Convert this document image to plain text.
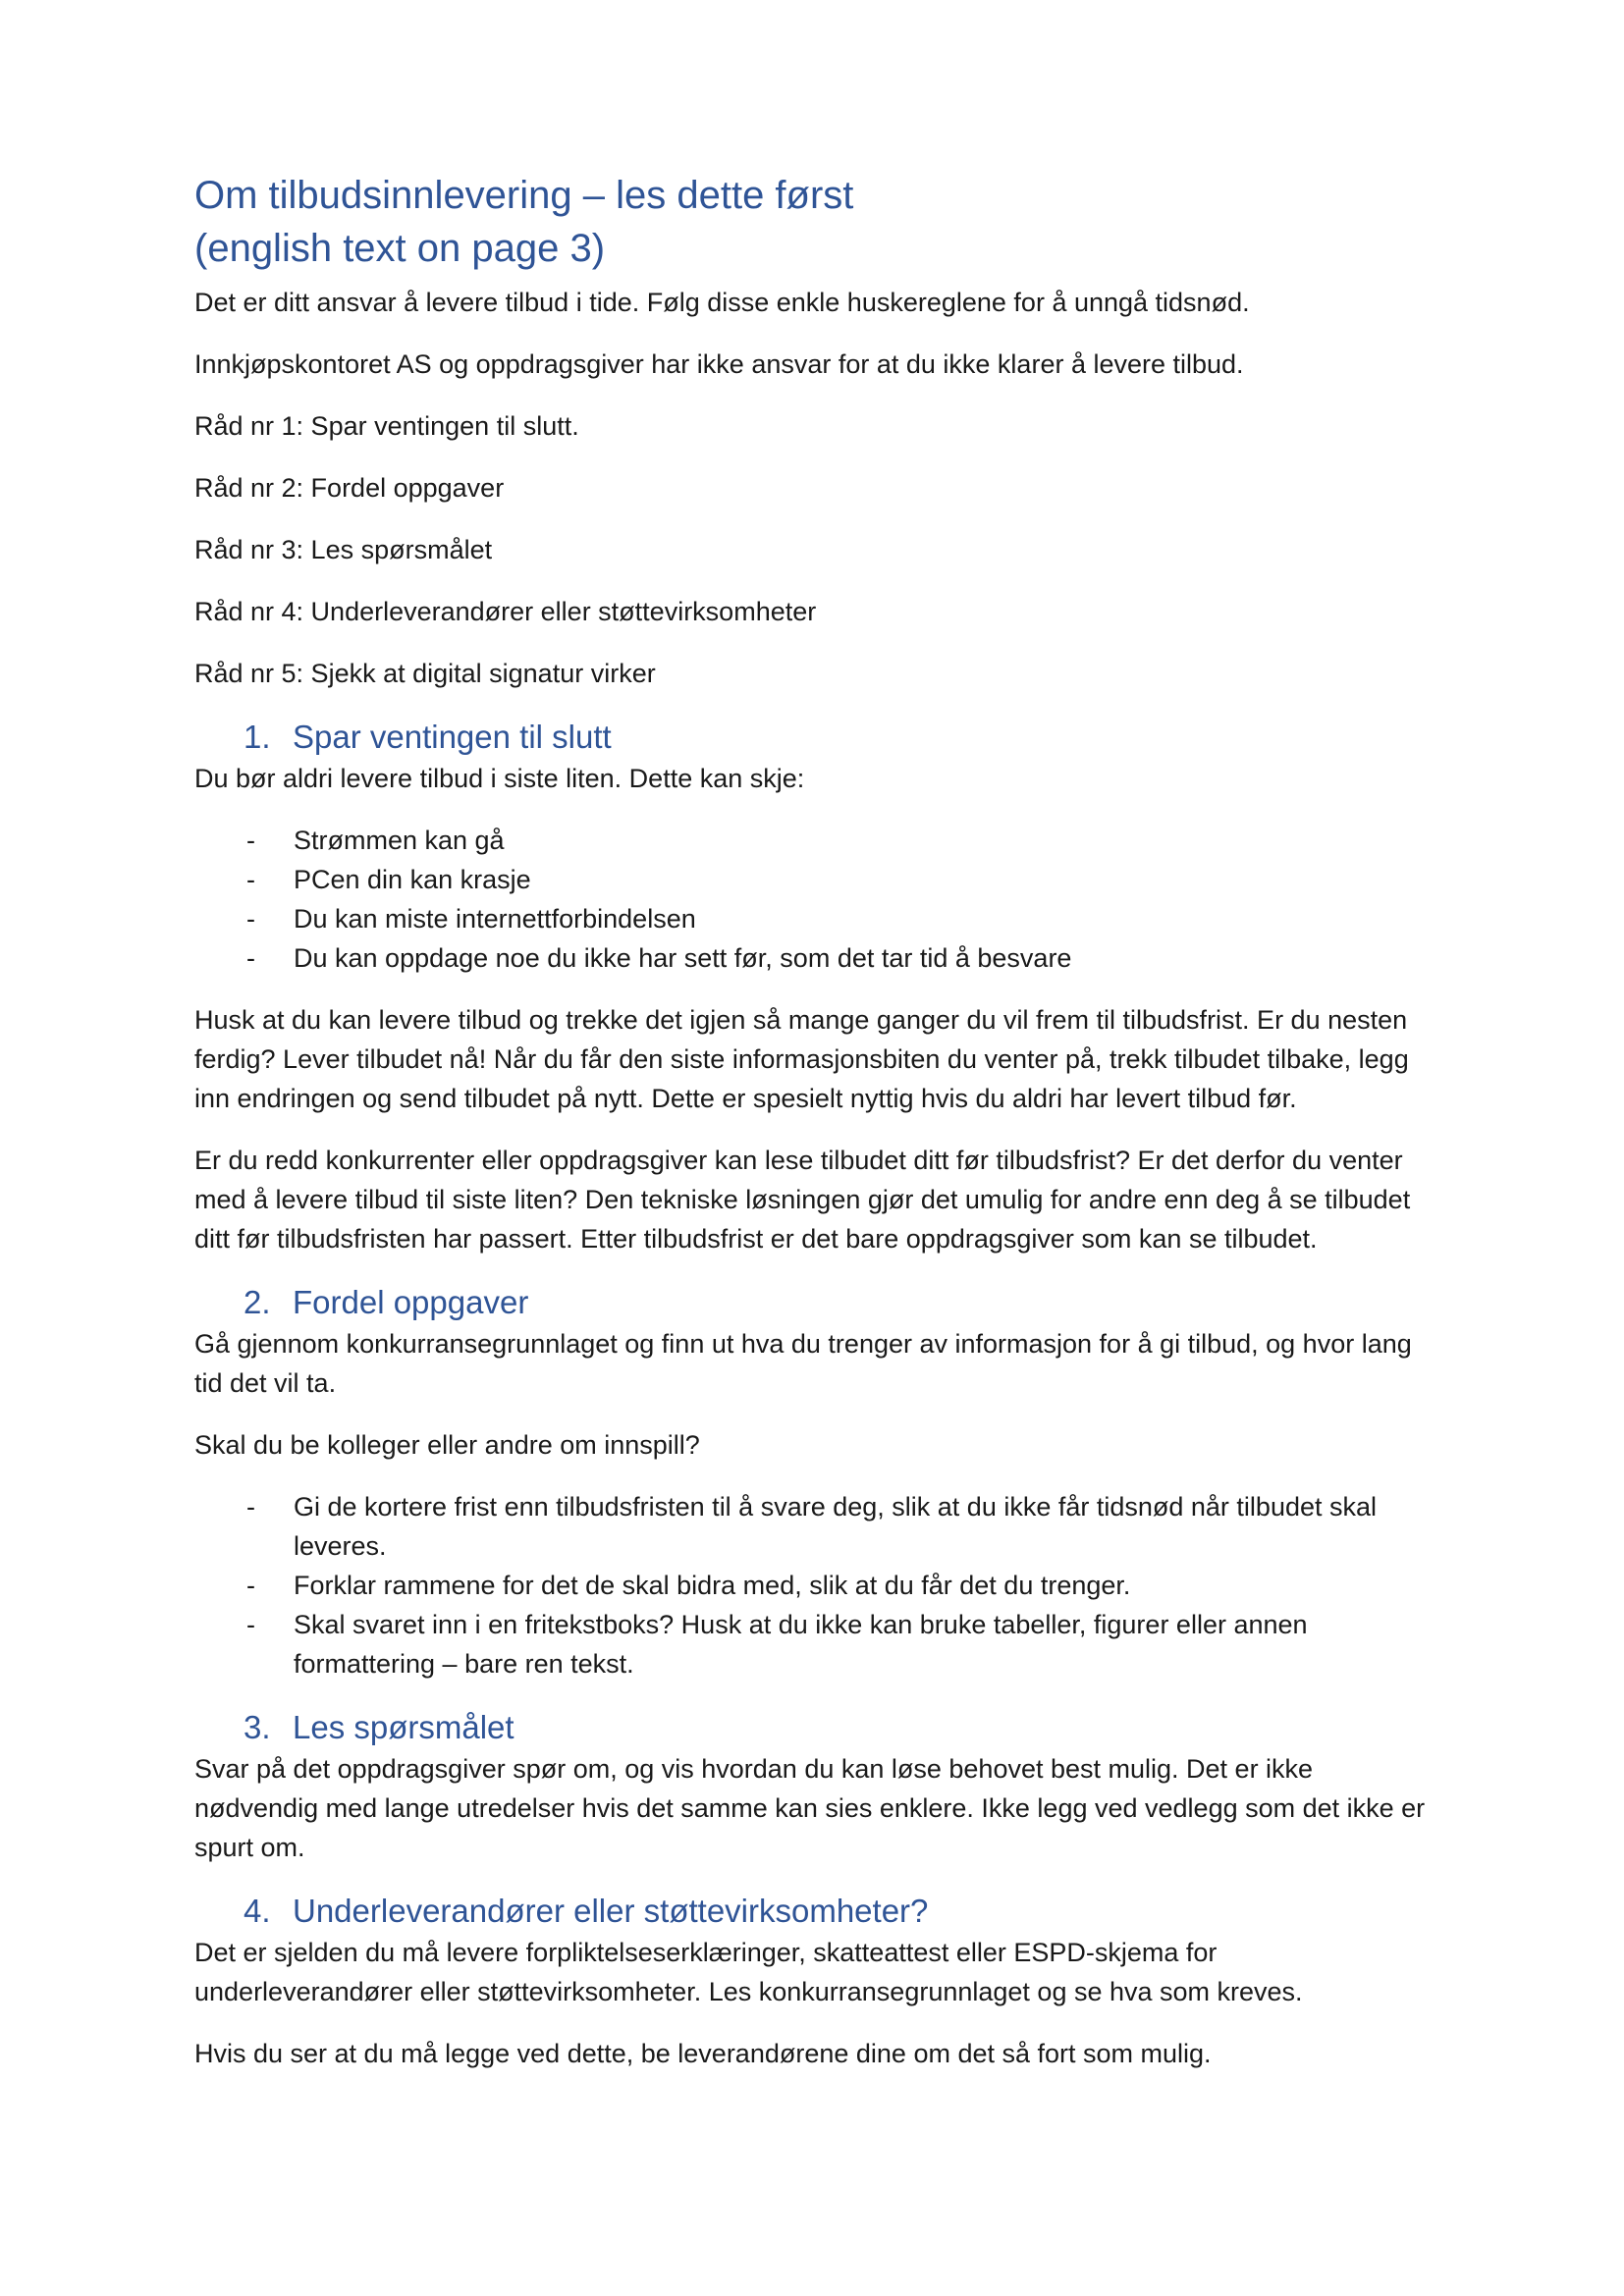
Om tilbudsinnlevering – les dette først
(english text on page 3)

Det er ditt ansvar å levere tilbud i tide. Følg disse enkle huskereglene for å unngå tidsnød.

Innkjøpskontoret AS og oppdragsgiver har ikke ansvar for at du ikke klarer å levere tilbud.

Råd nr 1: Spar ventingen til slutt.

Råd nr 2: Fordel oppgaver

Råd nr 3: Les spørsmålet

Råd nr 4: Underleverandører eller støttevirksomheter

Råd nr 5: Sjekk at digital signatur virker

1. Spar ventingen til slutt

Du bør aldri levere tilbud i siste liten. Dette kan skje:

- Strømmen kan gå
- PCen din kan krasje
- Du kan miste internettforbindelsen
- Du kan oppdage noe du ikke har sett før, som det tar tid å besvare

Husk at du kan levere tilbud og trekke det igjen så mange ganger du vil frem til tilbudsfrist. Er du nesten ferdig? Lever tilbudet nå! Når du får den siste informasjonsbiten du venter på, trekk tilbudet tilbake, legg inn endringen og send tilbudet på nytt. Dette er spesielt nyttig hvis du aldri har levert tilbud før.

Er du redd konkurrenter eller oppdragsgiver kan lese tilbudet ditt før tilbudsfrist? Er det derfor du venter med å levere tilbud til siste liten? Den tekniske løsningen gjør det umulig for andre enn deg å se tilbudet ditt før tilbudsfristen har passert. Etter tilbudsfrist er det bare oppdragsgiver som kan se tilbudet.

2. Fordel oppgaver

Gå gjennom konkurransegrunnlaget og finn ut hva du trenger av informasjon for å gi tilbud, og hvor lang tid det vil ta.

Skal du be kolleger eller andre om innspill?

- Gi de kortere frist enn tilbudsfristen til å svare deg, slik at du ikke får tidsnød når tilbudet skal leveres.
- Forklar rammene for det de skal bidra med, slik at du får det du trenger.
- Skal svaret inn i en fritekstboks? Husk at du ikke kan bruke tabeller, figurer eller annen formattering – bare ren tekst.
3. Les spørsmålet

Svar på det oppdragsgiver spør om, og vis hvordan du kan løse behovet best mulig. Det er ikke nødvendig med lange utredelser hvis det samme kan sies enklere. Ikke legg ved vedlegg som det ikke er spurt om.

4. Underleverandører eller støttevirksomheter?

Det er sjelden du må levere forpliktelseserklæringer, skatteattest eller ESPD-skjema for underleverandører eller støttevirksomheter. Les konkurransegrunnlaget og se hva som kreves.

Hvis du ser at du må legge ved dette, be leverandørene dine om det så fort som mulig.
